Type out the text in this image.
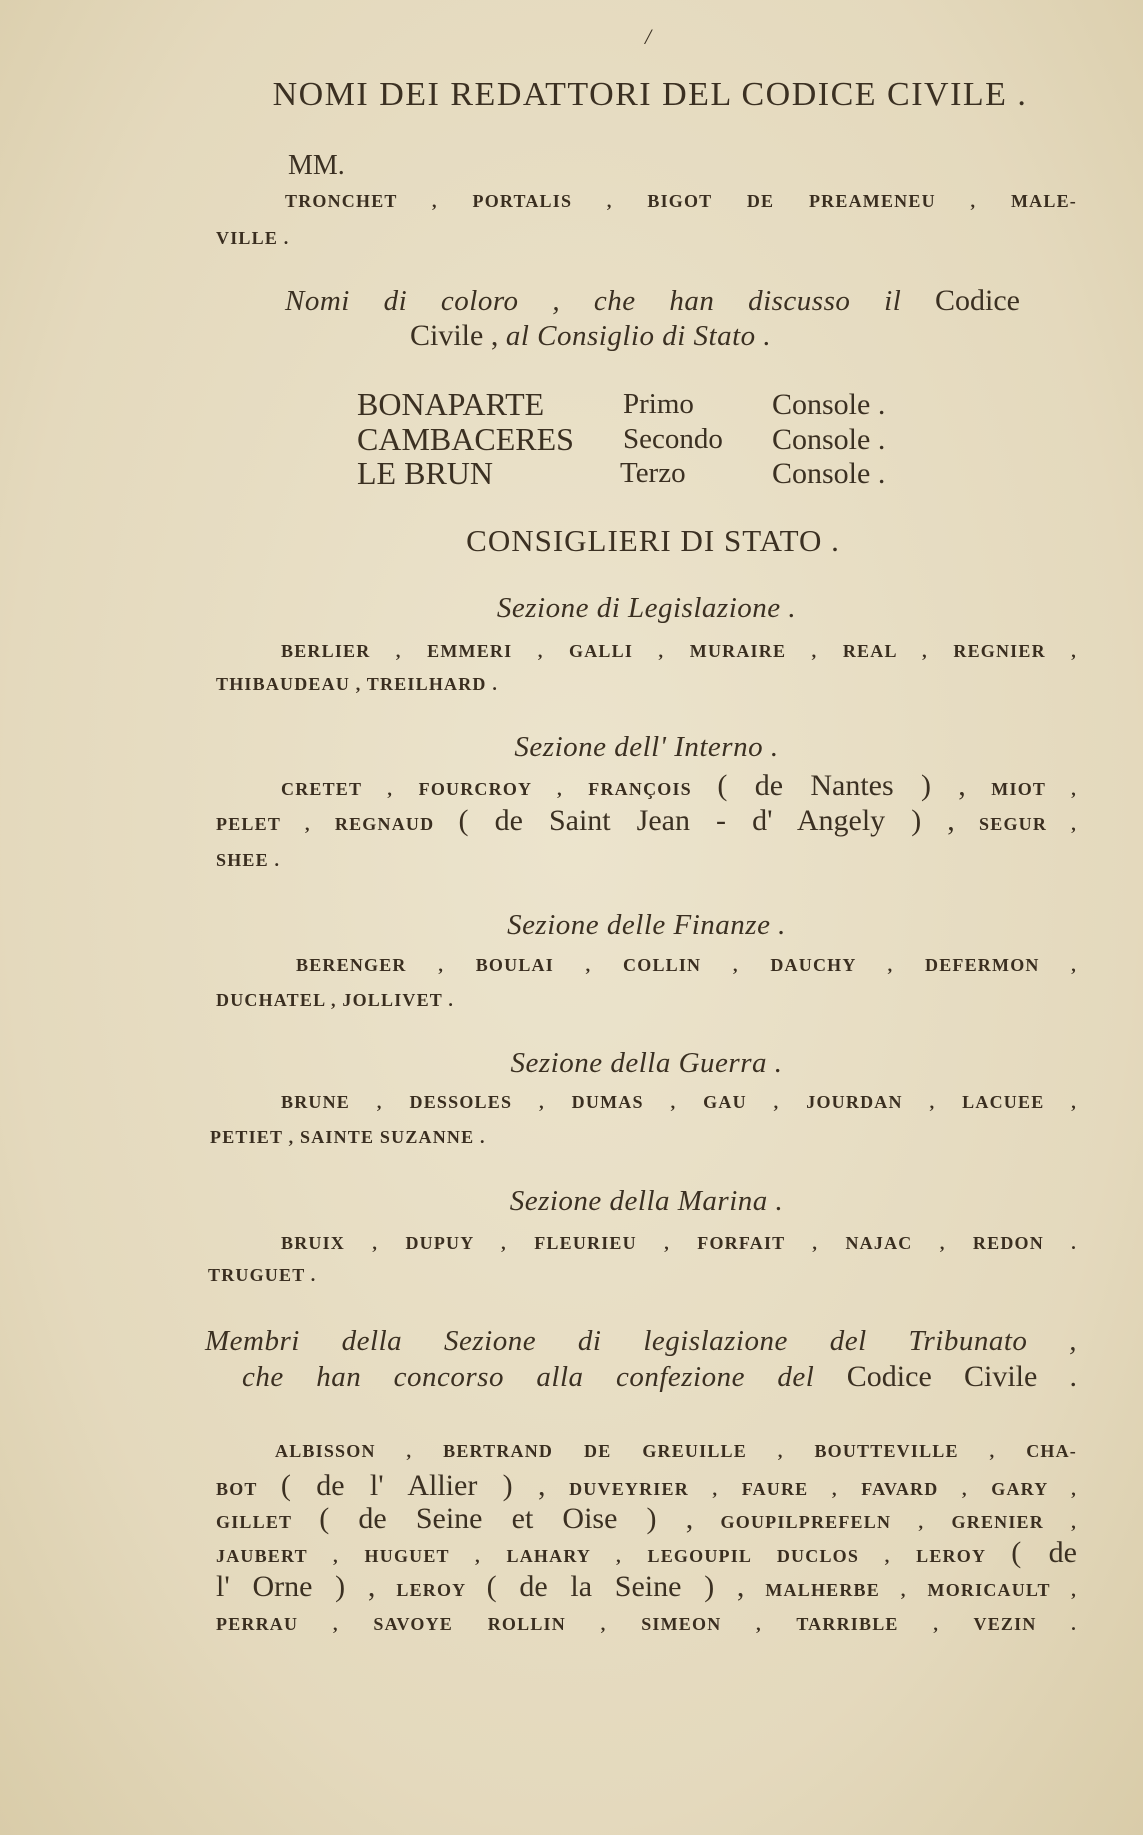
/
NOMI DEI REDATTORI DEL CODICE CIVILE .
BONAPARTE	Primo	Console .
CAMBACERES Secondo Console .
LE BRUN	Terzo	Console .
CONSIGLIERI DI STATO .
MM.
TRONCHET , PORTALIS , BIGOT DE PREAMENEU , MALE-
VILLE .
Nomi di coloro , che han discusso il Codice
Civile , al Consiglio di Stato .
Sezione di Legislazione .
BERLIER , EMMERI , GALLI , MURAIRE , REAL , REGNIER ,
THIBAUDEAU , TREILHARD .
Sezione dell' Interno .
CRETET , FOURCROY , FRANÇOIS ( de Nantes ) , MIOT ,
PELET , REGNAUD ( de Saint Jean - d' Angely ) , SEGUR ,
SHEE .
Sezione delle Finanze .
BERENGER , BOULAI , COLLIN , DAUCHY , DEFERMON ,
DUCHATEL , JOLLIVET .
Sezione della Guerra .
BRUNE , DESSOLES , DUMAS , GAU , JOURDAN , LACUEE ,
PETIET , SAINTE SUZANNE .
Sezione della Marina .
BRUIX , DUPUY , FLEURIEU , FORFAIT , NAJAC , REDON .
TRUGUET .
Membri della Sezione di legislazione del Tribunato ,
che han concorso alla confezione del Codice Civile .
ALBISSON , BERTRAND DE GREUILLE , BOUTTEVILLE , CHA-
BOT ( de l' Allier ) , DUVEYRIER , FAURE , FAVARD , GARY ,
GILLET ( de Seine et Oise ) , GOUPILPREFELN , GRENIER ,
JAUBERT , HUGUET , LAHARY , LEGOUPIL DUCLOS , LEROY ( de
l' Orne ) , LEROY ( de la Seine ) , MALHERBE , MORICAULT ,
PERRAU , SAVOYE ROLLIN , SIMEON , TARRIBLE , VEZIN .
